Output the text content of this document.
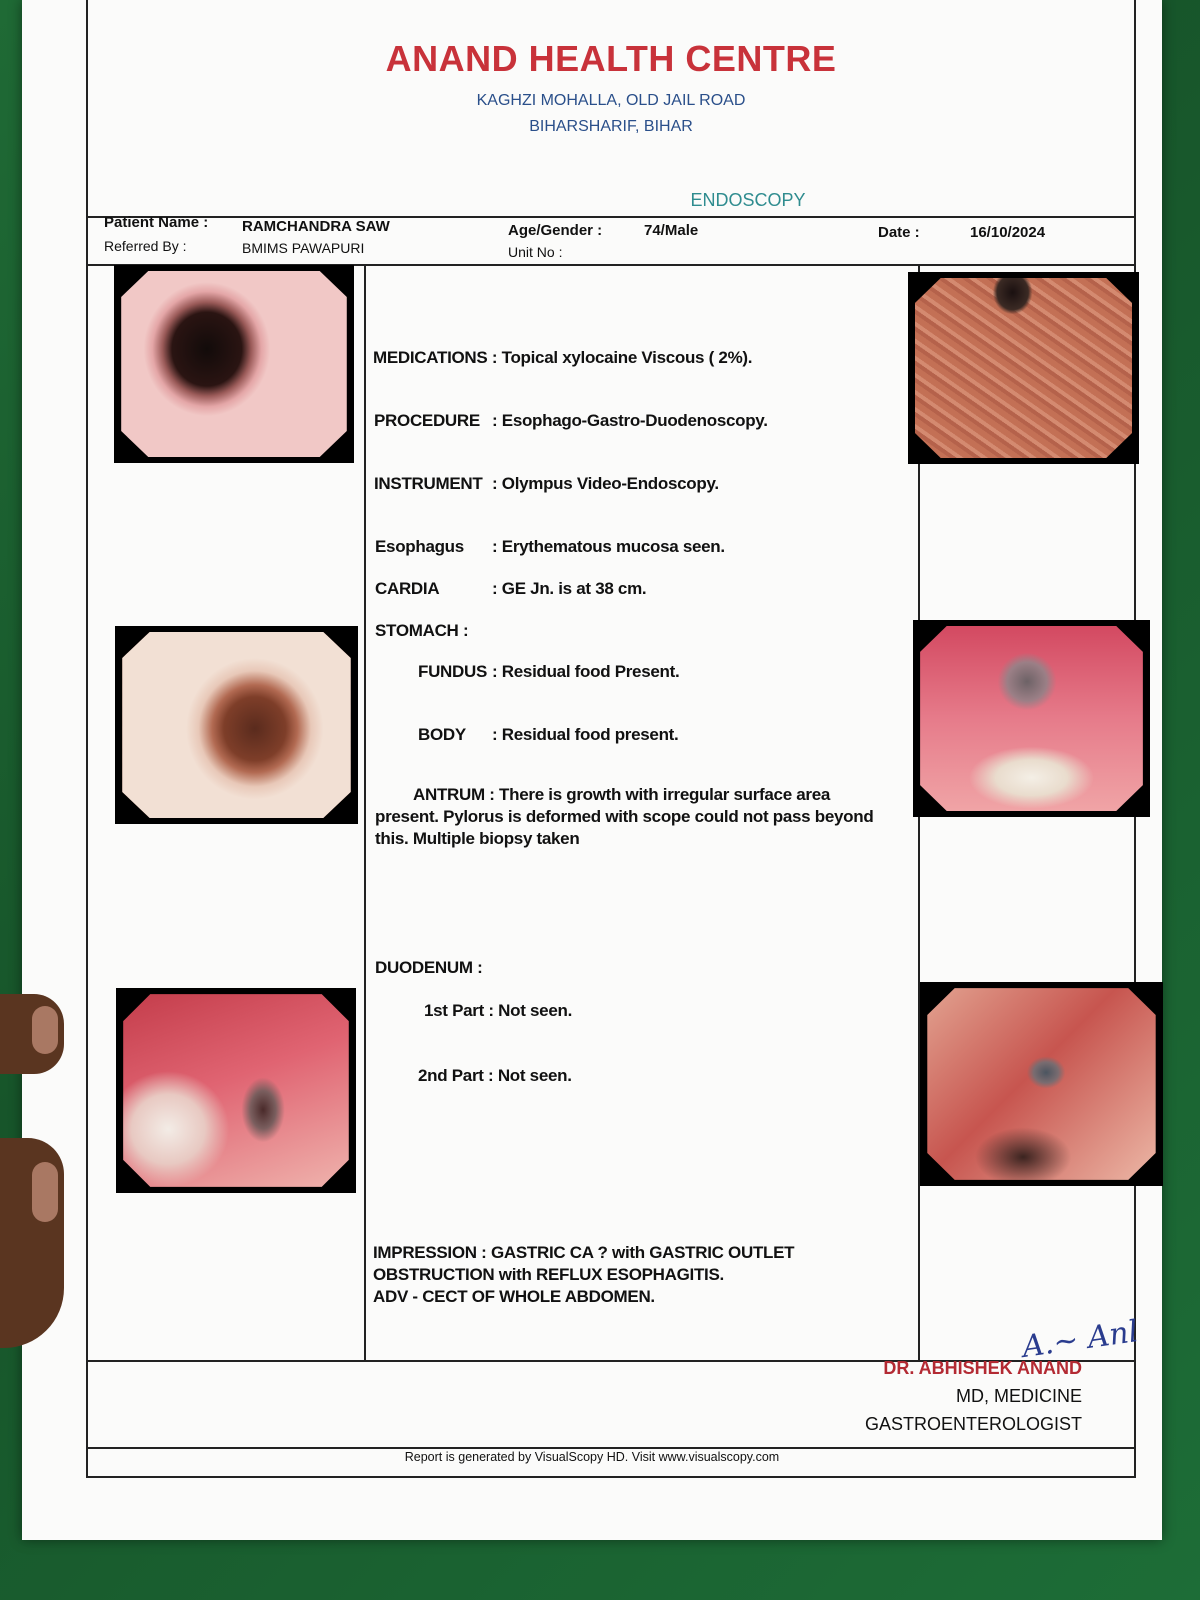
ANAND HEALTH CENTRE
KAGHZI MOHALLA, OLD JAIL ROAD
BIHARSHARIF, BIHAR
ENDOSCOPY
Patient Name : RAMCHANDRA SAW
Referred By :	BMIMS PAWAPURI
Age/Gender :	74/Male
Unit No :
Date :	16/10/2024
MEDICATIONS : Topical xylocaine Viscous ( 2%).
PROCEDURE : Esophago-Gastro-Duodenoscopy.
INSTRUMENT : Olympus Video-Endoscopy.
Esophagus : Erythematous mucosa seen.
CARDIA	: GE Jn. is at 38 cm.
STOMACH :
FUNDUS : Residual food Present.
BODY : Residual food present.
ANTRUM : There is growth with irregular surface area present. Pylorus is deformed with scope could not pass beyond this. Multiple biopsy taken
DUODENUM :
1st Part : Not seen.
2nd Part : Not seen.
IMPRESSION : GASTRIC CA ? with GASTRIC OUTLET
OBSTRUCTION with REFLUX ESOPHAGITIS.
ADV - CECT OF WHOLE ABDOMEN.
A.~ Anl
DR. ABHISHEK ANAND
MD, MEDICINE
GASTROENTEROLOGIST
Report is generated by VisualScopy HD. Visit www.visualscopy.com
